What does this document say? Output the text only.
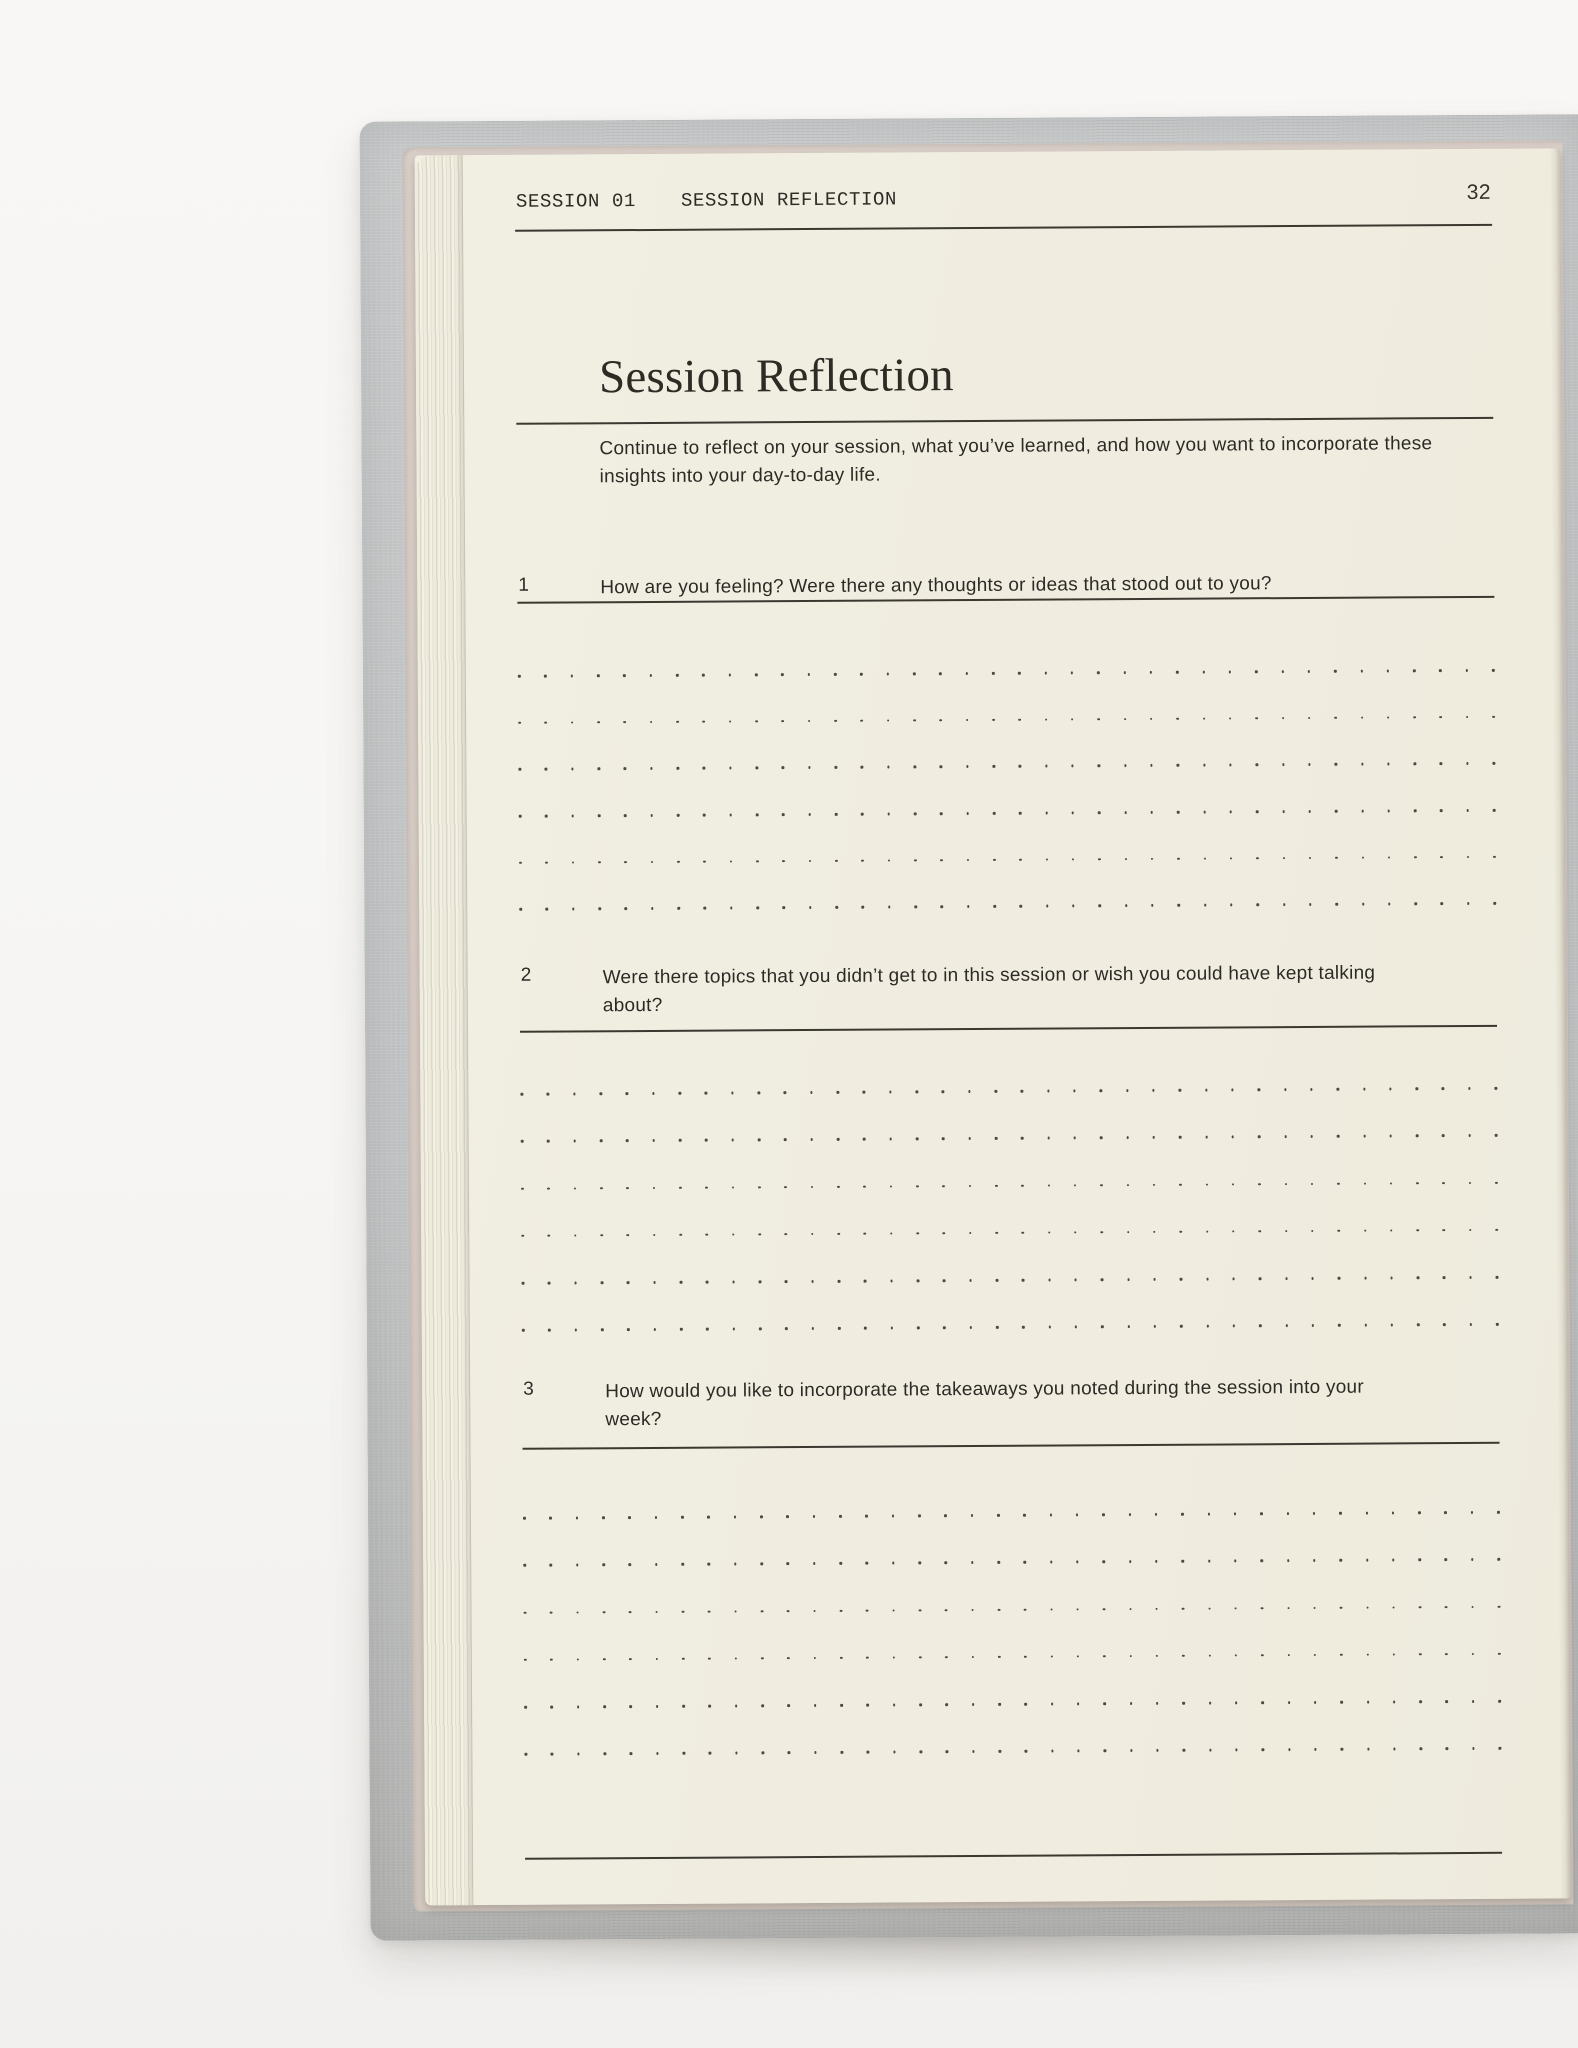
SESSION 01 SESSION REFLECTION	32
Session Reflection
Continue to reflect on your session, what you’ve learned, and how you want to incorporate these insights into your day-to-day life.
1	How are you feeling? Were there any thoughts or ideas that stood out to you?
2	Were there topics that you didn’t get to in this session or wish you could have kept talking about?
3	How would you like to incorporate the takeaways you noted during the session into your week?
